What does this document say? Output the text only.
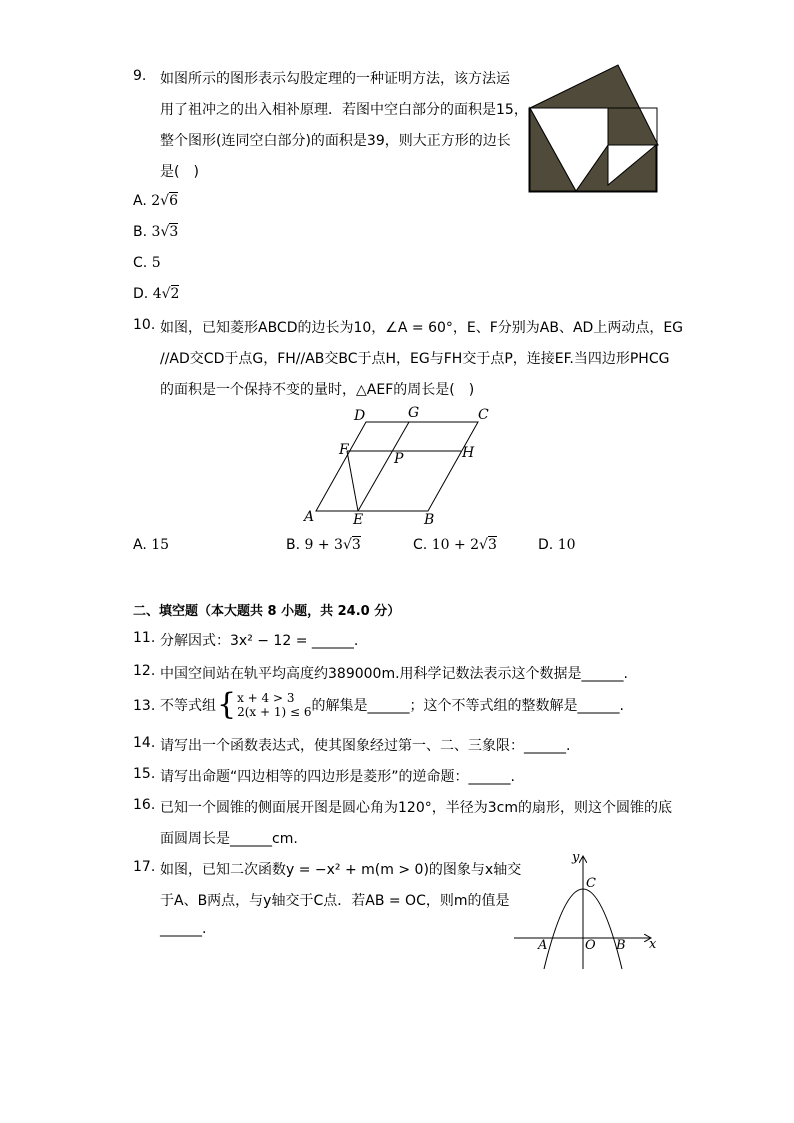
9. 如图所示的图形表示勾股定理的一种证明方法，该方法运
用了祖冲之的出入相补原理．若图中空白部分的面积是15，
整个图形(连同空白部分)的面积是39，则大正方形的边长
是(　)
A. 2√6
B. 3√3
C. 5
D. 4√2
10. 如图，已知菱形ABCD的边长为10，∠A = 60°，E、F分别为AB、AD上两动点，EG
//AD交CD于点G，FH//AB交BC于点H，EG与FH交于点P，连接EF.当四边形PHCG
的面积是一个保持不变的量时，△AEF的周长是(　)
D	G	C
F
P	H
A	E	B
A. 15	B. 9 + 3√3	C. 10 + 2√3	D. 10
二、填空题（本大题共 8 小题，共 24.0 分）
11. 分解因式：3x² − 12 = ______.
12. 中国空间站在轨平均高度约389000m.用科学记数法表示这个数据是______.
13. 不等式组 { x + 4 > 3
2(x + 1) ≤ 6 的解集是______；这个不等式组的整数解是______.
14. 请写出一个函数表达式，使其图象经过第一、二、三象限：______.
15. 请写出命题“四边相等的四边形是菱形”的逆命题：______.
16. 已知一个圆锥的侧面展开图是圆心角为120°，半径为3cm的扇形，则这个圆锥的底
面圆周长是______cm.
17. 如图，已知二次函数y = −x² + m(m > 0)的图象与x轴交
于A、B两点，与y轴交于C点．若AB = OC，则m的值是
______.
y
x
C
A	O B
